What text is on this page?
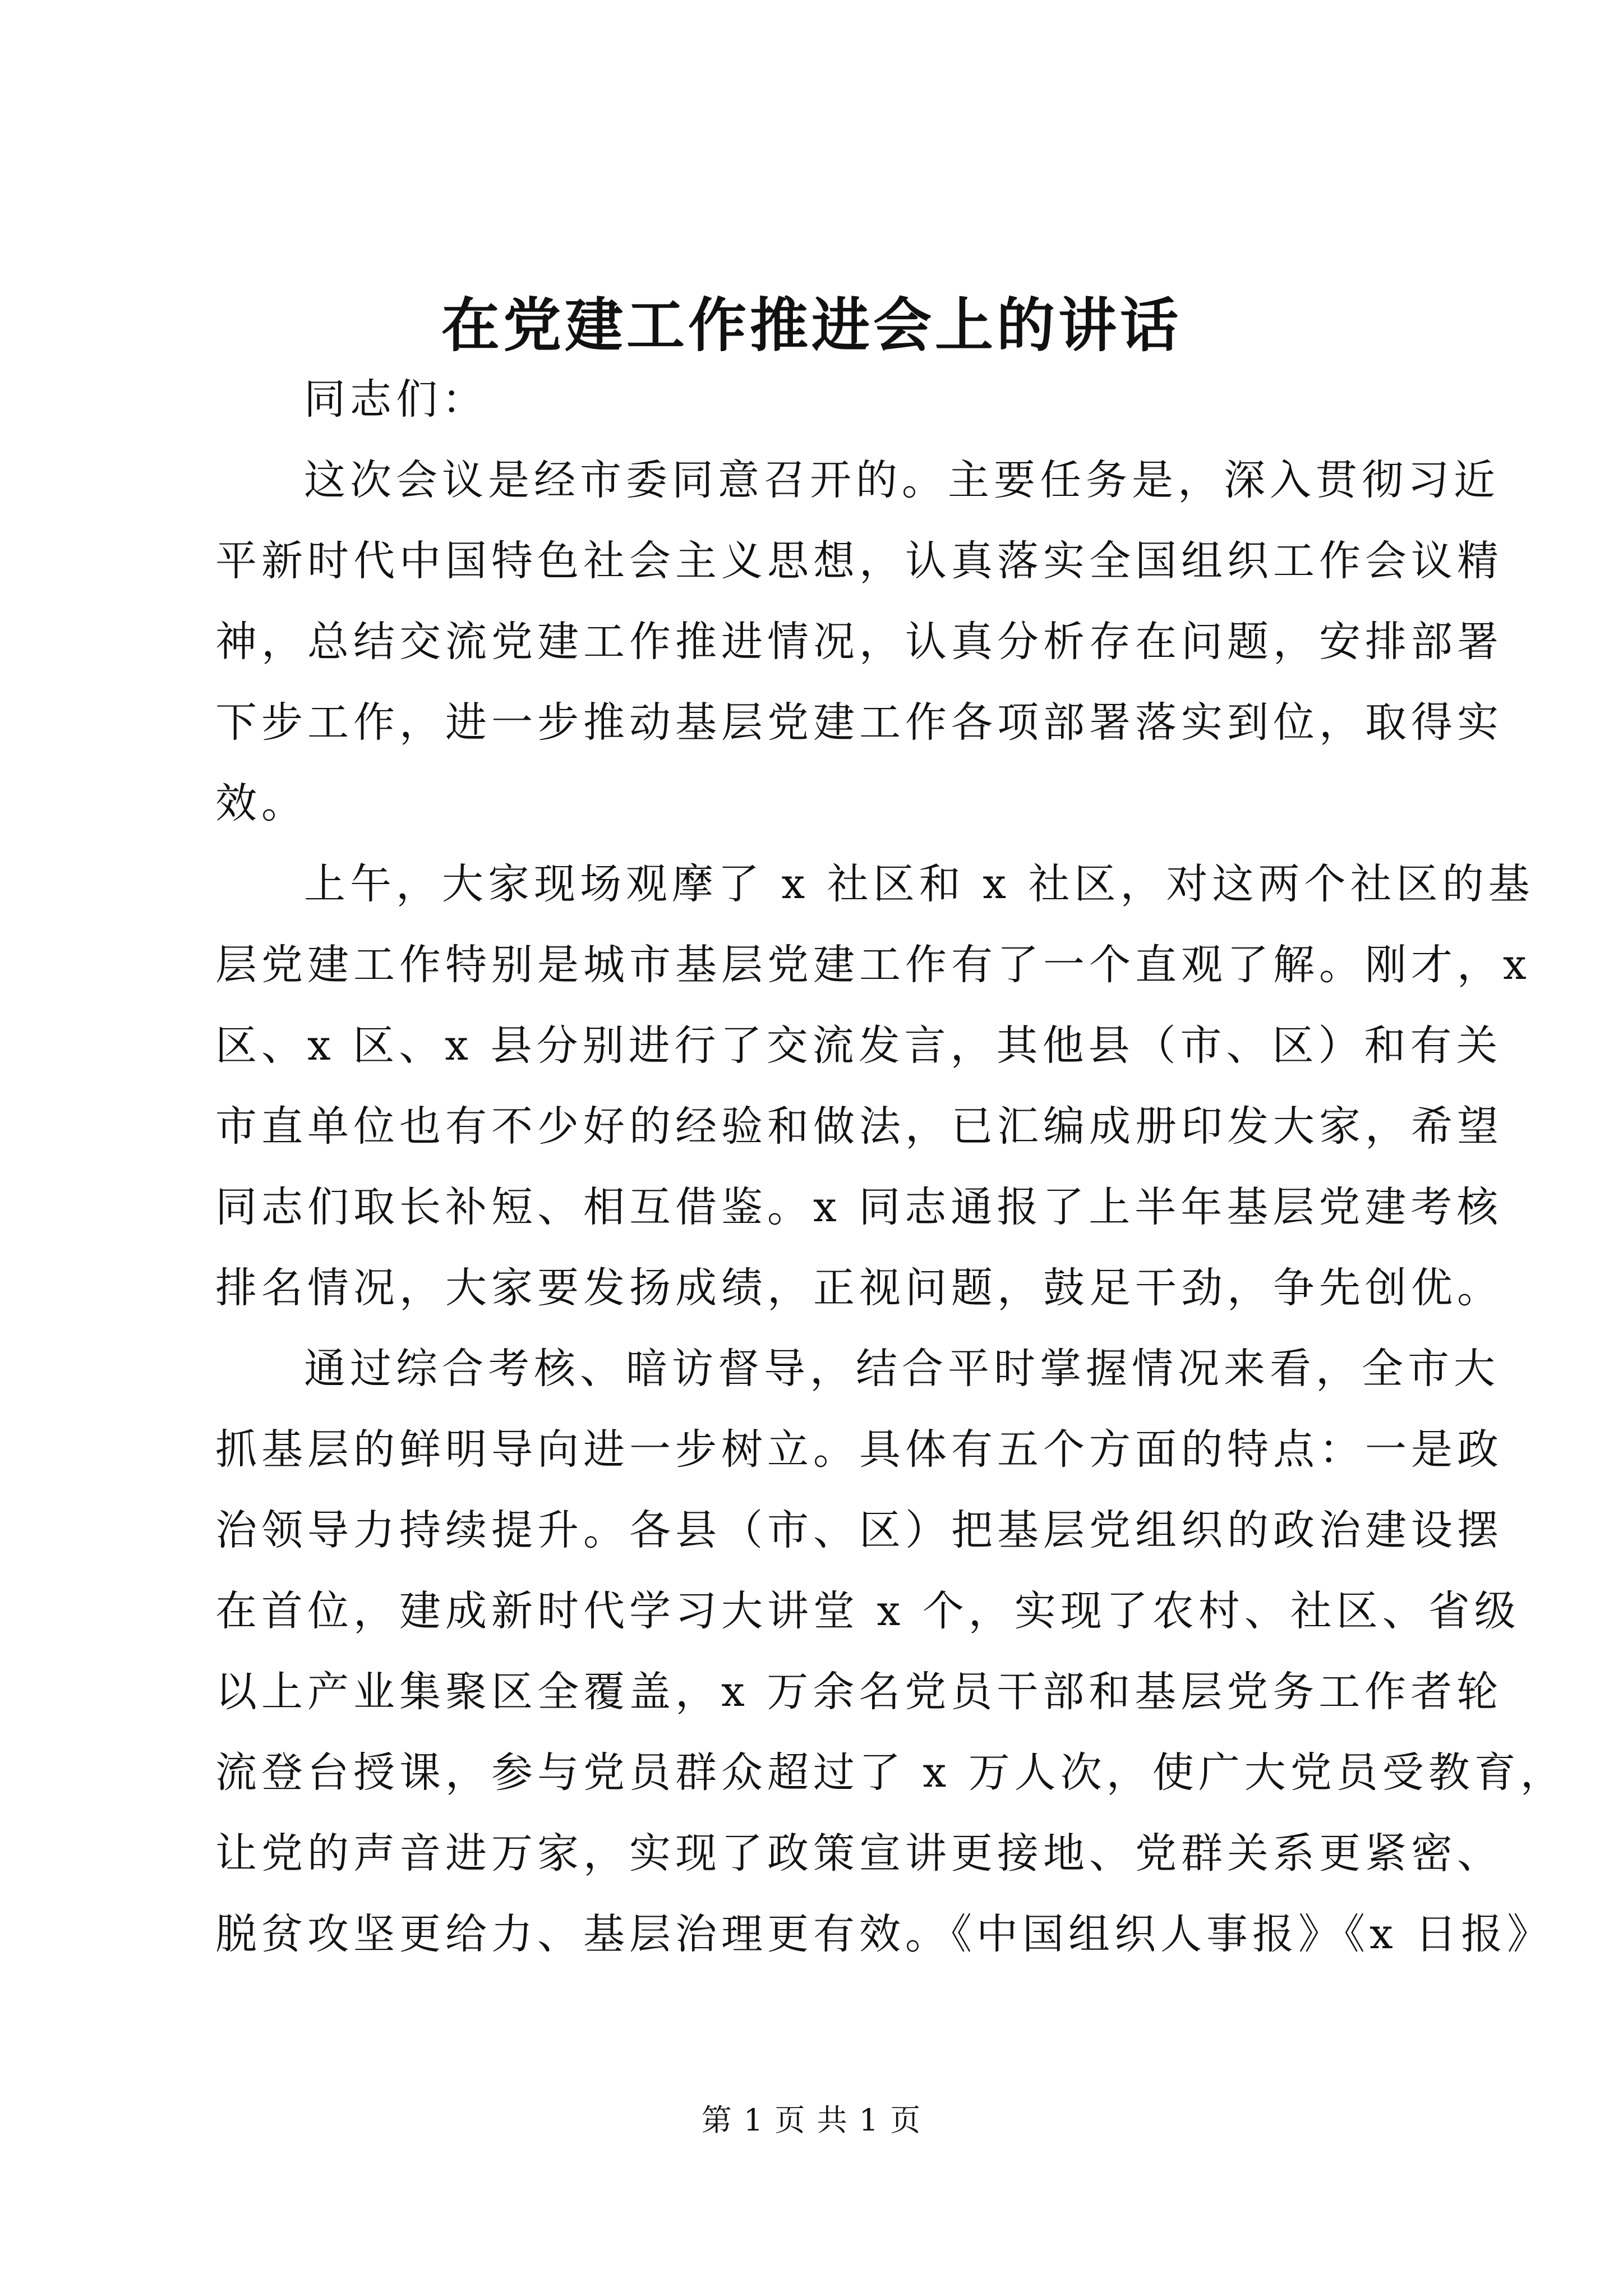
在党建工作推进会上的讲话
同志们：
这次会议是经市委同意召开的。主要任务是，深入贯彻习近
平新时代中国特色社会主义思想，认真落实全国组织工作会议精
神，总结交流党建工作推进情况，认真分析存在问题，安排部署
下步工作，进一步推动基层党建工作各项部署落实到位，取得实
效。
上午，大家现场观摩了 x 社区和 x 社区，对这两个社区的基
层党建工作特别是城市基层党建工作有了一个直观了解。刚才，x
区、x 区、x 县分别进行了交流发言，其他县（市、区）和有关
市直单位也有不少好的经验和做法，已汇编成册印发大家，希望
同志们取长补短、相互借鉴。x 同志通报了上半年基层党建考核
排名情况，大家要发扬成绩，正视问题，鼓足干劲，争先创优。
通过综合考核、暗访督导，结合平时掌握情况来看，全市大
抓基层的鲜明导向进一步树立。具体有五个方面的特点：一是政
治领导力持续提升。各县（市、区）把基层党组织的政治建设摆
在首位，建成新时代学习大讲堂 x 个，实现了农村、社区、省级
以上产业集聚区全覆盖，x 万余名党员干部和基层党务工作者轮
流登台授课，参与党员群众超过了 x 万人次，使广大党员受教育，
让党的声音进万家，实现了政策宣讲更接地、党群关系更紧密、
脱贫攻坚更给力、基层治理更有效。《中国组织人事报》《x 日报》
第 1 页 共 1 页
